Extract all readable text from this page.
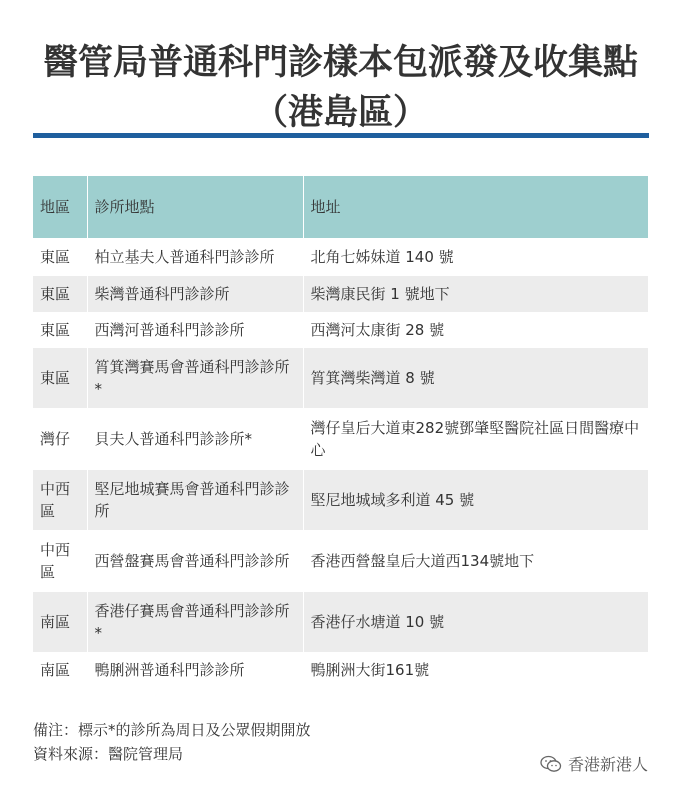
醫管局普通科門診樣本包派發及收集點
（港島區）
地區	診所地點	地址
東區	柏立基夫人普通科門診診所	北角七姊妹道 140 號
東區	柴灣普通科門診診所	柴灣康民街 1 號地下
東區	西灣河普通科門診診所	西灣河太康街 28 號
東區	筲箕灣賽馬會普通科門診診所*	筲箕灣柴灣道 8 號
灣仔	貝夫人普通科門診診所*	灣仔皇后大道東282號鄧肇堅醫院社區日間醫療中心
中西區	堅尼地城賽馬會普通科門診診所	堅尼地城域多利道 45 號
中西區	西營盤賽馬會普通科門診診所	香港西營盤皇后大道西134號地下
南區	香港仔賽馬會普通科門診診所*	香港仔水塘道 10 號
南區	鴨脷洲普通科門診診所	鴨脷洲大街161號
備注：標示*的診所為周日及公眾假期開放
資料來源：醫院管理局
香港新港人
